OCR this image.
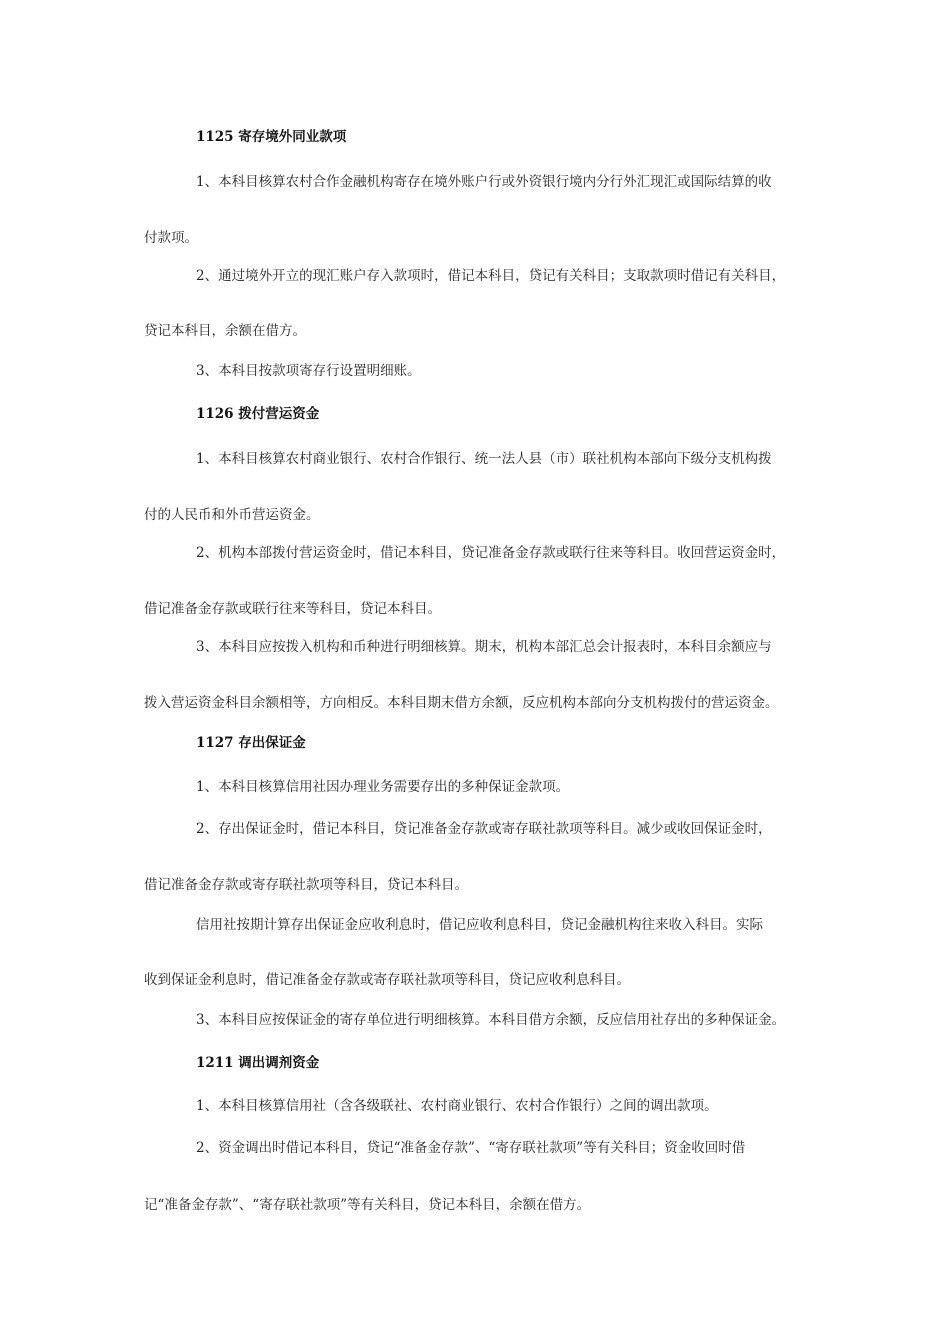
1125 寄存境外同业款项
1、本科目核算农村合作金融机构寄存在境外账户行或外资银行境内分行外汇现汇或国际结算的收
付款项。
2、通过境外开立的现汇账户存入款项时，借记本科目，贷记有关科目；支取款项时借记有关科目，
贷记本科目，余额在借方。
3、本科目按款项寄存行设置明细账。
1126 拨付营运资金
1、本科目核算农村商业银行、农村合作银行、统一法人县（市）联社机构本部向下级分支机构拨
付的人民币和外币营运资金。
2、机构本部拨付营运资金时，借记本科目，贷记准备金存款或联行往来等科目。收回营运资金时，
借记准备金存款或联行往来等科目，贷记本科目。
3、本科目应按拨入机构和币种进行明细核算。期末，机构本部汇总会计报表时，本科目余额应与
拨入营运资金科目余额相等，方向相反。本科目期末借方余额，反应机构本部向分支机构拨付的营运资金。
1127 存出保证金
1、本科目核算信用社因办理业务需要存出的多种保证金款项。
2、存出保证金时，借记本科目，贷记准备金存款或寄存联社款项等科目。减少或收回保证金时，
借记准备金存款或寄存联社款项等科目，贷记本科目。
信用社按期计算存出保证金应收利息时，借记应收利息科目，贷记金融机构往来收入科目。实际
收到保证金利息时，借记准备金存款或寄存联社款项等科目，贷记应收利息科目。
3、本科目应按保证金的寄存单位进行明细核算。本科目借方余额，反应信用社存出的多种保证金。
1211 调出调剂资金
1、本科目核算信用社（含各级联社、农村商业银行、农村合作银行）之间的调出款项。
2、资金调出时借记本科目，贷记“准备金存款”、“寄存联社款项”等有关科目；资金收回时借
记“准备金存款”、“寄存联社款项”等有关科目，贷记本科目，余额在借方。
